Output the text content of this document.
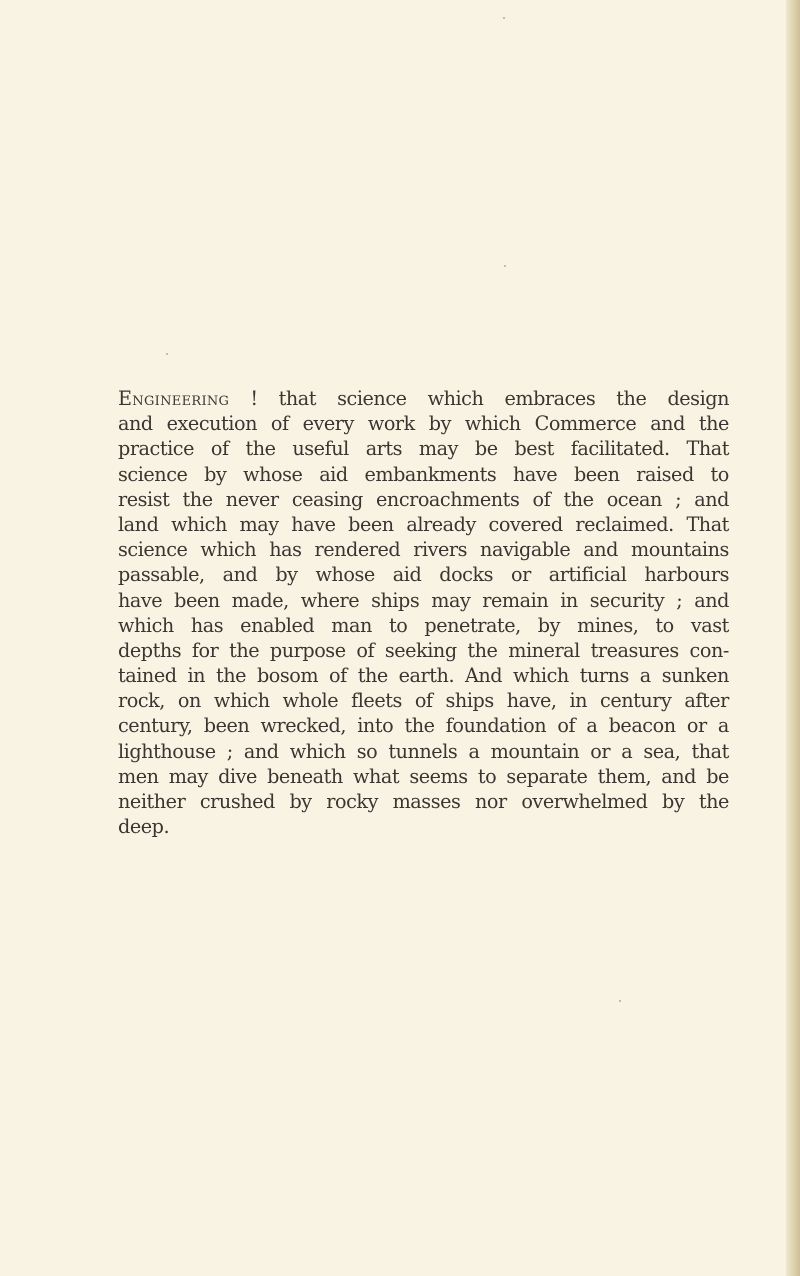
Engineering ! that science which embraces the design
and execution of every work by which Commerce and the
practice of the useful arts may be best facilitated. That
science by whose aid embankments have been raised to
resist the never ceasing encroachments of the ocean ; and
land which may have been already covered reclaimed. That
science which has rendered rivers navigable and mountains
passable, and by whose aid docks or artificial harbours
have been made, where ships may remain in security ; and
which has enabled man to penetrate, by mines, to vast
depths for the purpose of seeking the mineral treasures con-
tained in the bosom of the earth. And which turns a sunken
rock, on which whole fleets of ships have, in century after
century, been wrecked, into the foundation of a beacon or a
lighthouse ; and which so tunnels a mountain or a sea, that
men may dive beneath what seems to separate them, and be
neither crushed by rocky masses nor overwhelmed by the
deep.
